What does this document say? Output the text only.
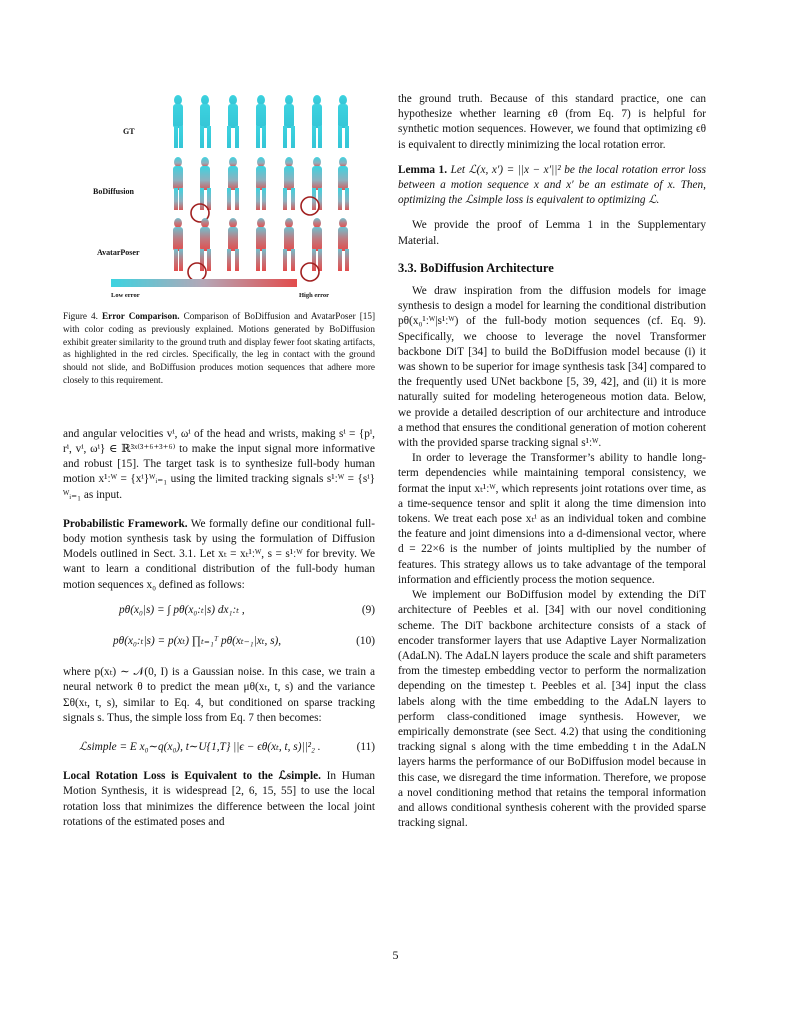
GT
BoDiffusion
AvatarPoser
Low error	High error

Figure 4. Error Comparison. Comparison of BoDiffusion and AvatarPoser [15] with color coding as previously explained. Motions generated by BoDiffusion exhibit greater similarity to the ground truth and display fewer foot skating artifacts, as highlighted in the red circles. Specifically, the leg in contact with the ground should not slide, and BoDiffusion produces motion sequences that adhere more closely to this requirement.

and angular velocities vⁱ, ωⁱ of the head and wrists, making sⁱ = {pⁱ, rⁱ, vⁱ, ωⁱ} ∈ ℝ³ˣ⁽³⁺⁶⁺³⁺⁶⁾ to make the input signal more informative and robust [15]. The target task is to synthesize full-body human motion x¹ːᵂ = {xⁱ}ᵂᵢ₌₁ using the limited tracking signals s¹ːᵂ = {sⁱ}ᵂᵢ₌₁ as input.

Probabilistic Framework. We formally define our conditional full-body motion synthesis task by using the formulation of Diffusion Models outlined in Sect. 3.1. Let xₜ = xₜ¹ːᵂ, s = s¹ːᵂ for brevity. We want to learn a conditional distribution of the full-body human motion sequences x₀ defined as follows:

pθ(x₀|s) = ∫ pθ(x₀:ₜ|s) dx₁:ₜ ,	(9)
pθ(x₀:ₜ|s) = p(xₜ) ∏ₜ₌₁ᵀ pθ(xₜ₋₁|xₜ, s),	(10)

where p(xₜ) ∼ 𝒩(0, I) is a Gaussian noise. In this case, we train a neural network θ to predict the mean μθ(xₜ, t, s) and the variance Σθ(xₜ, t, s), similar to Eq. 4, but conditioned on sparse tracking signals s. Thus, the simple loss from Eq. 7 then becomes:

ℒsimple = E x₀∼q(x₀), t∼U{1,T} ||ϵ − ϵθ(xₜ, t, s)||²₂ .	(11)

Local Rotation Loss is Equivalent to the ℒsimple. In Human Motion Synthesis, it is widespread [2, 6, 15, 55] to use the local rotation loss that minimizes the difference between the local joint rotations of the estimated poses and

the ground truth. Because of this standard practice, one can hypothesize whether learning ϵθ (from Eq. 7) is helpful for synthetic motion sequences. However, we found that optimizing ϵθ is equivalent to directly minimizing the local rotation error.

Lemma 1. Let ℒ(x, x′) = ||x − x′||² be the local rotation error loss between a motion sequence x and x′ be an estimate of x. Then, optimizing the ℒsimple loss is equivalent to optimizing ℒ.

We provide the proof of Lemma 1 in the Supplementary Material.

3.3. BoDiffusion Architecture

We draw inspiration from the diffusion models for image synthesis to design a model for learning the conditional distribution pθ(x₀¹ːᵂ|s¹ːᵂ) of the full-body motion sequences (cf. Eq. 9). Specifically, we choose to leverage the novel Transformer backbone DiT [34] to build the BoDiffusion model because (i) it was shown to be superior for image synthesis task [34] compared to the frequently used UNet backbone [5, 39, 42], and (ii) it is more naturally suited for modeling heterogeneous motion data. Below, we provide a detailed description of our architecture and introduce a method that ensures the conditional generation of motion coherent with the provided sparse tracking signal s¹ːᵂ.

In order to leverage the Transformer’s ability to handle long-term dependencies while maintaining temporal consistency, we format the input xₜ¹ːᵂ, which represents joint rotations over time, as a time-sequence tensor and split it along the time dimension into tokens. We treat each pose xₜⁱ as an individual token and combine the feature and joint dimensions into a d-dimensional vector, where d = 22×6 is the number of joints multiplied by the number of features. This strategy allows us to take advantage of the temporal information and efficiently process the motion sequence.

We implement our BoDiffusion model by extending the DiT architecture of Peebles et al. [34] with our novel conditioning scheme. The DiT backbone architecture consists of a stack of encoder transformer layers that use Adaptive Layer Normalization (AdaLN). The AdaLN layers produce the scale and shift parameters from the timestep embedding vector to perform the normalization depending on the timestep t. Peebles et al. [34] input the class labels along with the time embedding to the AdaLN layers to perform class-conditioned image synthesis. However, we empirically demonstrate (see Sect. 4.2) that using the conditioning tracking signal s along with the time embedding t in the AdaLN layers harms the performance of our BoDiffusion model because in this case, we disregard the time information. Therefore, we propose a novel conditioning method that retains the temporal information and allows conditional synthesis coherent with the provided sparse tracking signal.

5
